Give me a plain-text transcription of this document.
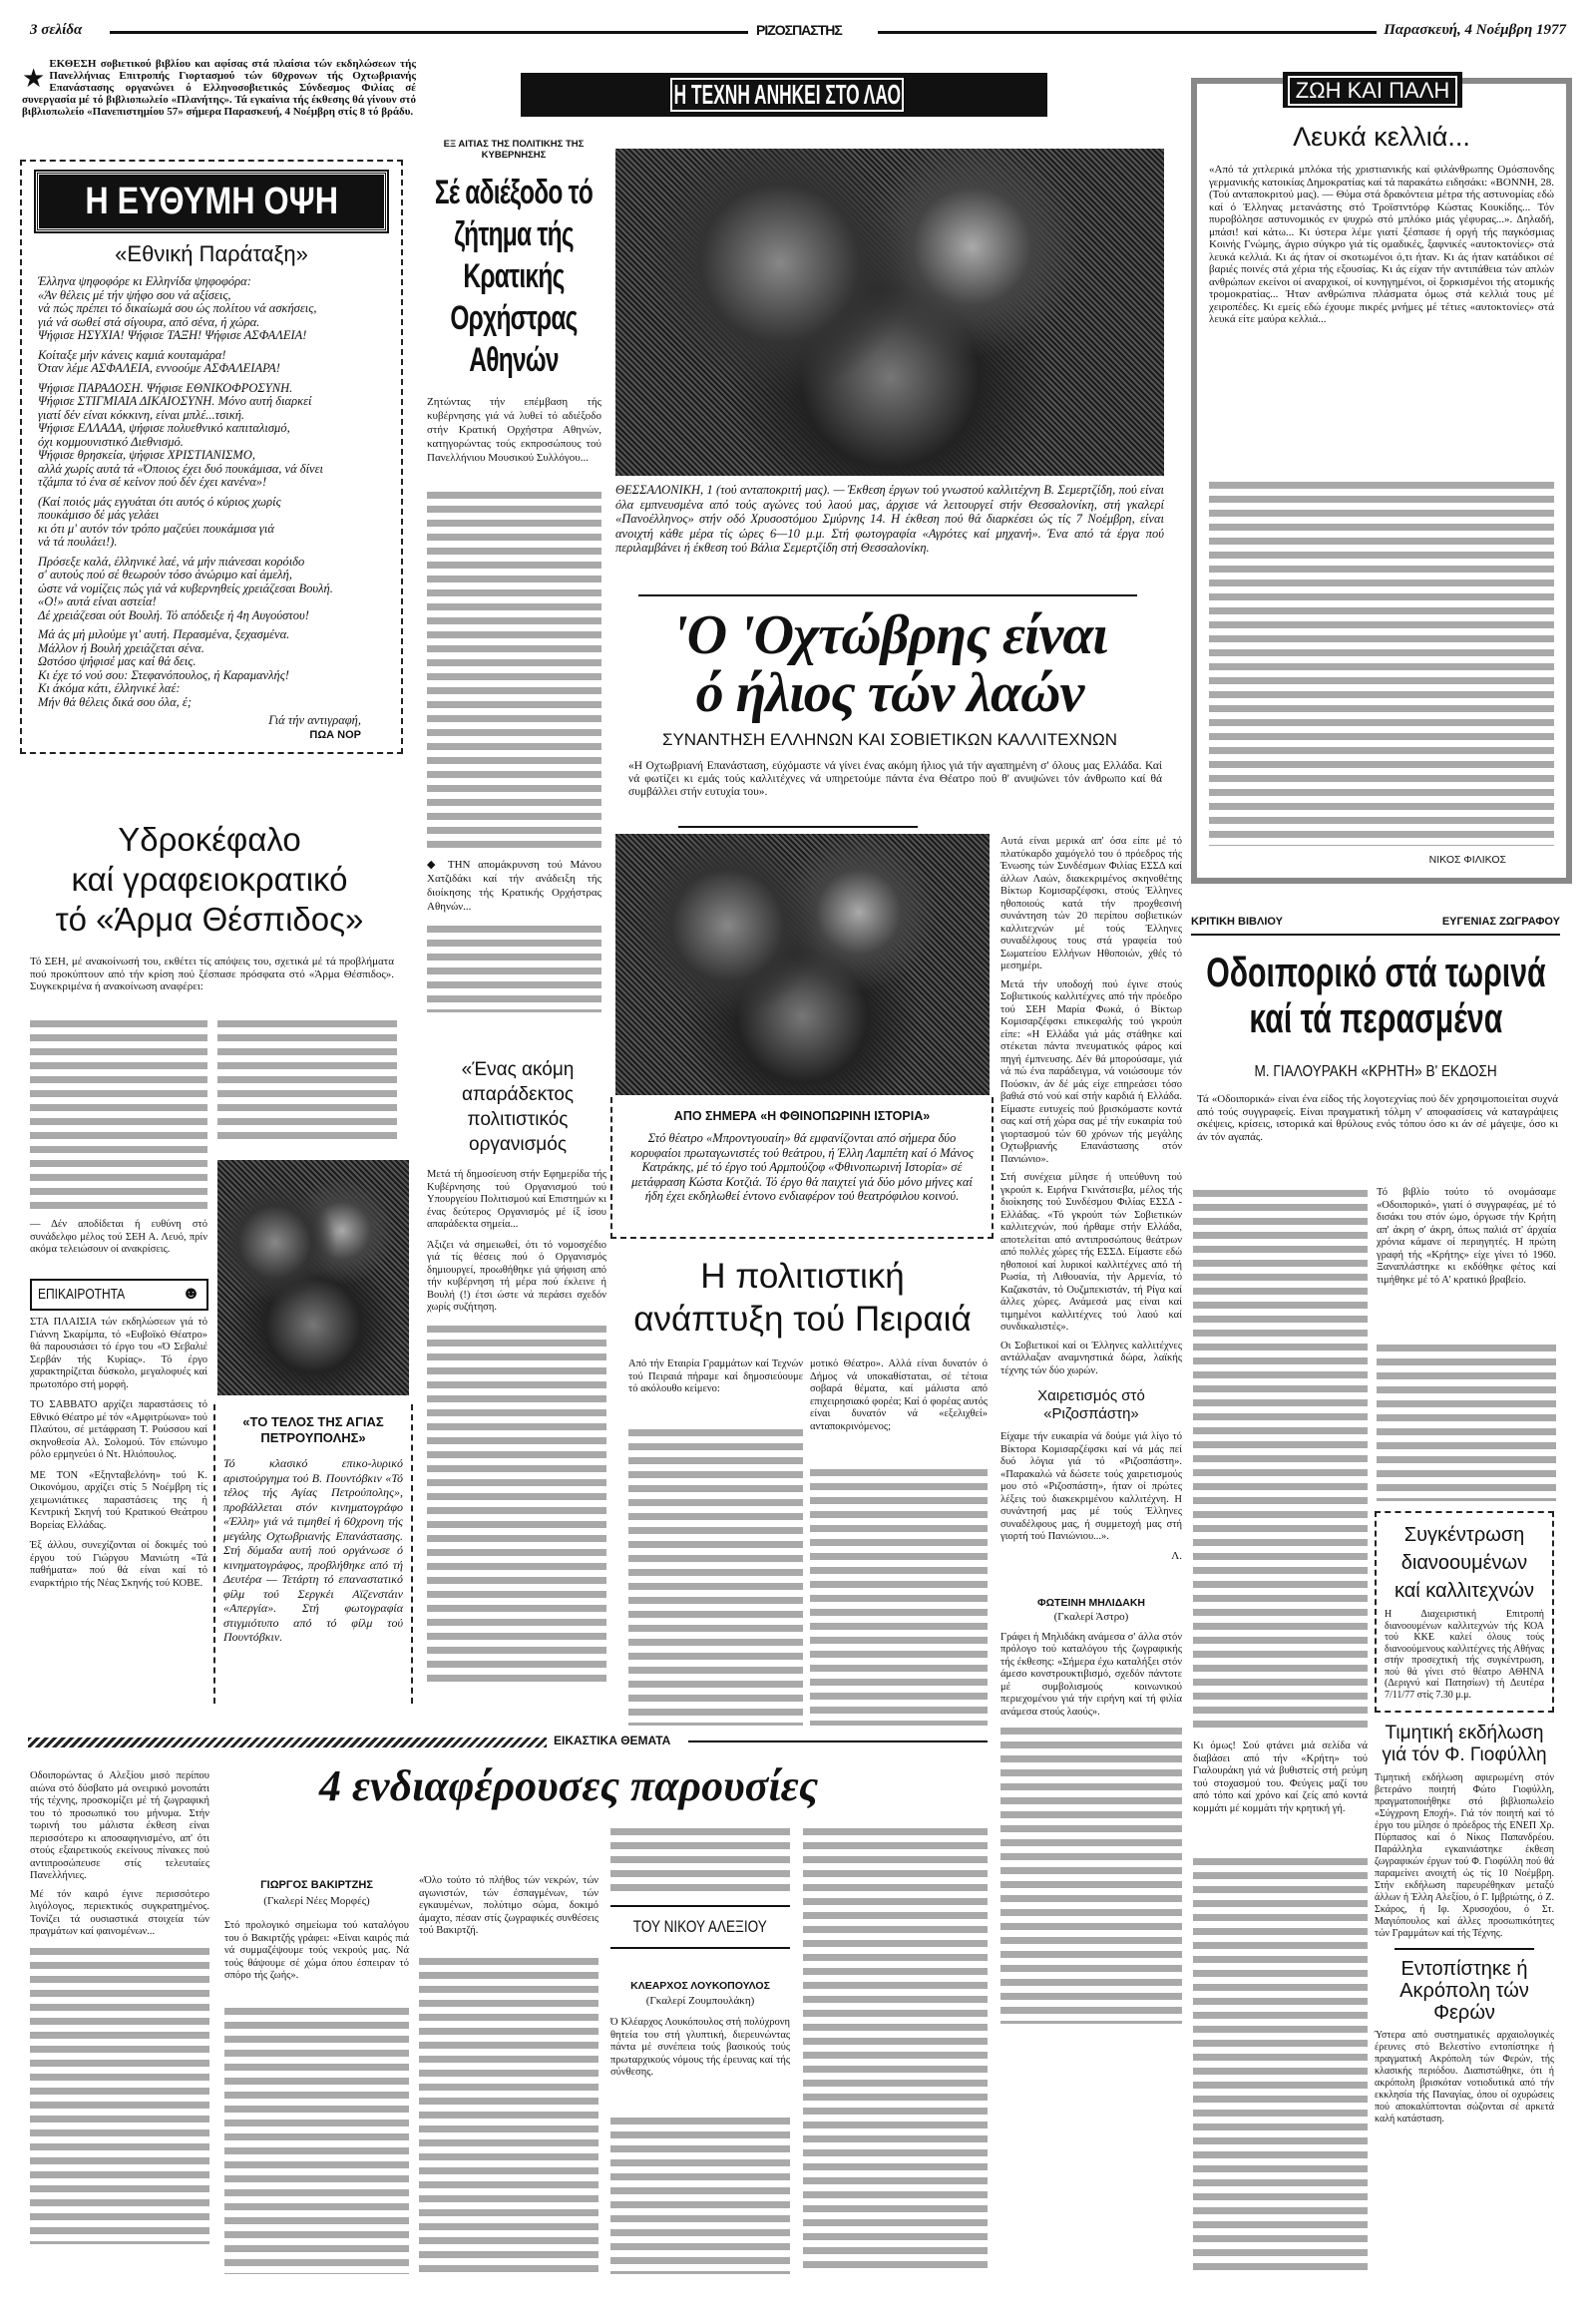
3 σελίδα	ΡΙΖΟΣΠΑΣΤΗΣ	Παρασκευή, 4 Νοέμβρη 1977
★ ΕΚΘΕΣΗ σοβιετικού βιβλίου και αφίσας στά πλαίσια τών εκδηλώσεων τής Πανελλήνιας Επιτροπής Γιορτασμού τών 60χρονων τής Οχτωβριανής Επανάστασης οργανώνει ό Ελληνοσοβιετικός Σύνδεσμος Φιλίας σέ συνεργασία μέ τό βιβλιοπωλείο «Πλανήτης». Τά εγκαίνια τής έκθεσης θά γίνουν στό βιβλιοπωλείο «Πανεπιστημίου 57» σήμερα Παρασκευή, 4 Νοέμβρη στίς 8 τό βράδυ.
Η ΕΥΘΥΜΗ ΟΨΗ
«Εθνική Παράταξη»

Έλληνα ψηφοφόρε κι Ελληνίδα ψηφοφόρα:
«Άν θέλεις μέ τήν ψήφο σου νά αξίσεις,
νά πώς πρέπει τό δικαίωμά σου ώς πολίτου νά ασκήσεις,
γιά νά σωθεί στά σίγουρα, από σένα, ή χώρα.
Ψήφισε ΗΣΥΧΙΑ! Ψήφισε ΤΑΞΗ! Ψήφισε ΑΣΦΑΛΕΙΑ!

Κοίταξε μήν κάνεις καμιά κουταμάρα!
Όταν λέμε ΑΣΦΑΛΕΙΑ, εννοούμε ΑΣΦΑΛΕΙΑΡΑ!

Ψήφισε ΠΑΡΑΔΟΣΗ. Ψήφισε ΕΘΝΙΚΟΦΡΟΣΥΝΗ.
Ψήφισε ΣΤΙΓΜΙΑΙΑ ΔΙΚΑΙΟΣΥΝΗ. Μόνο αυτή διαρκεί
γιατί δέν είναι κόκκινη, είναι μπλέ...τσική.
Ψήφισε ΕΛΛΑΔΑ, ψήφισε πολυεθνικό καπιταλισμό,
όχι κομμουνιστικό Διεθνισμό.
Ψήφισε θρησκεία, ψήφισε ΧΡΙΣΤΙΑΝΙΣΜΟ,
αλλά χωρίς αυτά τά «Όποιος έχει δυό πουκάμισα, νά δίνει
τζάμπα τό ένα σέ κείνον πού δέν έχει κανένα»!

(Καί ποιός μάς εγγυάται ότι αυτός ό κύριος χωρίς
πουκάμισο δέ μάς γελάει
κι ότι μ' αυτόν τόν τρόπο μαζεύει πουκάμισα γιά
νά τά πουλάει!).

Πρόσεξε καλά, έλληνικέ λαέ, νά μήν πιάνεσαι κορόιδο
σ' αυτούς πού σέ θεωρούν τόσο άνώριμο καί άμελή,
ώστε νά νομίζεις πώς γιά νά κυβερνηθείς χρειάζεσαι Βουλή.
«Ο!» αυτά είναι αστεία!
Δέ χρειάζεσαι ούτ Βουλή. Τό απόδειξε ή 4η Αυγούστου!

Μά άς μή μιλούμε γι' αυτή. Περασμένα, ξεχασμένα.
Μάλλον ή Βουλή χρειάζεται σένα.
Ωστόσο ψήφισέ μας καί θά δεις.
Κι έχε τό νού σου: Στεφανόπουλος, ή Καραμανλής!
Κι άκόμα κάτι, έλληνικέ λαέ:
Μήν θά θέλεις δικά σου όλα, έ;

Γιά τήν αντιγραφή,
ΠΩΑ ΝΟΡ
ΕΞ ΑΙΤΙΑΣ ΤΗΣ ΠΟΛΙΤΙΚΗΣ ΤΗΣ ΚΥΒΕΡΝΗΣΗΣ
Σέ αδιέξοδο τό ζήτημα τής Κρατικής Ορχήστρας Αθηνών
Ζητώντας τήν επέμβαση τής κυβέρνησης γιά νά λυθεί τό αδιέξοδο στήν Κρατική Ορχήστρα Αθηνών, κατηγορώντας τούς εκπροσώπους τού Πανελλήνιου Μουσικού Συλλόγου...
◆ ΤΗΝ απομάκρυνση τού Μάνου Χατζιδάκι καί τήν ανάδειξη τής διοίκησης τής Κρατικής Ορχήστρας Αθηνών...
Η ΤΕΧΝΗ ΑΝΗΚΕΙ ΣΤΟ ΛΑΟ
ΘΕΣΣΑΛΟΝΙΚΗ, 1 (τού ανταποκριτή μας). — Έκθεση έργων τού γνωστού καλλιτέχνη Β. Σεμερτζίδη, πού είναι όλα εμπνευσμένα από τούς αγώνες τού λαού μας, άρχισε νά λειτουργεί στήν Θεσσαλονίκη, στή γκαλερί «Πανοέλληνος» στήν οδό Χρυσοστόμου Σμύρνης 14. Η έκθεση πού θά διαρκέσει ώς τίς 7 Νοέμβρη, είναι ανοιχτή κάθε μέρα τίς ώρες 6—10 μ.μ. Στή φωτογραφία «Αγρότες καί μηχανή». Ένα από τά έργα πού περιλαμβάνει ή έκθεση τού Βάλια Σεμερτζίδη στή Θεσσαλονίκη.
'Ο 'Οχτώβρης είναι
ό ήλιος τών λαών
ΣΥΝΑΝΤΗΣΗ ΕΛΛΗΝΩΝ ΚΑΙ ΣΟΒΙΕΤΙΚΩΝ ΚΑΛΛΙΤΕΧΝΩΝ
«Η Οχτωβριανή Επανάσταση, εύχόμαστε νά γίνει ένας ακόμη ήλιος γιά τήν αγαπημένη σ' όλους μας Ελλάδα. Καί νά φωτίζει κι εμάς τούς καλλιτέχνες νά υπηρετούμε πάντα ένα Θέατρο πού θ' ανυψώνει τόν άνθρωπο καί θά συμβάλλει στήν ευτυχία του».

Αυτά είναι μερικά απ' όσα είπε μέ τό πλατύκαρδο χαμόγελό του ό πρόεδρος τής Ένωσης τών Συνδέσμων Φιλίας ΕΣΣΔ καί άλλων Λαών, διακεκριμένος σκηνοθέτης Βίκτωρ Κομισαρζέφσκι, στούς Έλληνες ηθοποιούς κατά τήν προχθεσινή συνάντηση τών 20 περίπου σοβιετικών καλλιτεχνών μέ τούς Έλληνες συναδέλφους τους στά γραφεία τού Σωματείου Ελλήνων Ηθοποιών, χθές τό μεσημέρι.

Μετά τήν υποδοχή πού έγινε στούς Σοβιετικούς καλλιτέχνες από τήν πρόεδρο τού ΣΕΗ Μαρία Φωκά, ό Βίκτωρ Κομισαρζέφσκι επικεφαλής τού γκρούπ είπε: «Η Ελλάδα γιά μάς στάθηκε καί στέκεται πάντα πνευματικός φάρος καί πηγή έμπνευσης. Δέν θά μπορούσαμε, γιά νά πώ ένα παράδειγμα, νά νοιώσουμε τόν Πούσκιν, άν δέ μάς είχε επηρεάσει τόσο βαθιά στό νού καί στήν καρδιά ή Ελλάδα. Είμαστε ευτυχείς πού βρισκόμαστε κοντά σας καί στή χώρα σας μέ τήν ευκαιρία τού γιορτασμού τών 60 χρόνων τής μεγάλης Οχτωβριανής Επανάστασης στόν Πανιώνιο».

Στή συνέχεια μίλησε ή υπεύθυνη τού γκρούπ κ. Ειρήνα Γκινάτσιεβα, μέλος τής διοίκησης τού Συνδέσμου Φιλίας ΕΣΣΔ - Ελλάδας. «Τό γκρούπ τών Σοβιετικών καλλιτεχνών, πού ήρθαμε στήν Ελλάδα, αποτελείται από αντιπροσώπους θεάτρων από πολλές χώρες τής ΕΣΣΔ. Είμαστε εδώ ηθοποιοί καί λυρικοί καλλιτέχνες από τή Ρωσία, τή Λιθουανία, τήν Αρμενία, τό Καζακστάν, τό Ουζμπεκιστάν, τή Ρίγα καί άλλες χώρες. Ανάμεσά μας είναι καί τιμημένοι καλλιτέχνες τού λαού καί συνδικαλιστές».

Οι Σοβιετικοί καί οι Έλληνες καλλιτέχνες αντάλλαξαν αναμνηστικά δώρα, λαϊκής τέχνης τών δύο χωρών.

Χαιρετισμός στό «Ριζοσπάστη»

Είχαμε τήν ευκαιρία νά δούμε γιά λίγο τό Βίκτορα Κομισαρζέφσκι καί νά μάς πεί δυό λόγια γιά τό «Ριζοσπάστη». «Παρακαλώ νά δώσετε τούς χαιρετισμούς μου στό «Ριζοσπάστη», ήταν οί πρώτες λέξεις τού διακεκριμένου καλλιτέχνη. Η συνάντησή μας μέ τούς Έλληνες συναδέλφους μας, ή συμμετοχή μας στή γιορτή τού Πανιώνιου...».

Λ.
ΦΩΤΕΙΝΗ ΜΗΛΙΔΑΚΗ
(Γκαλερί Άστρο)

Γράφει ή Μηλιδάκη ανάμεσα σ' άλλα στόν πρόλογο τού καταλόγου τής ζωγραφικής τής έκθεσης: «Σήμερα έχω καταλήξει στόν άμεσο κονστρουκτιβισμό, σχεδόν πάντοτε μέ συμβολισμούς κοινωνικού περιεχομένου γιά τήν ειρήνη καί τή φιλία ανάμεσα στούς λαούς».

ΑΠΟ ΣΗΜΕΡΑ «Η ΦΘΙΝΟΠΩΡΙΝΗ ΙΣΤΟΡΙΑ»
Στό θέατρο «Μπροντγουαίη» θά εμφανίζονται από σήμερα δύο κορυφαίοι πρωταγωνιστές τού θεάτρου, ή Έλλη Λαμπέτη καί ό Μάνος Κατράκης, μέ τό έργο τού Αρμπούζοφ «Φθινοπωρινή Ιστορία» σέ μετάφραση Κώστα Κοτζιά. Τό έργο θά παιχτεί γιά δύο μόνο μήνες καί ήδη έχει εκδηλωθεί έντονο ενδιαφέρον τού θεατρόφιλου κοινού.
Η πολιτιστική
ανάπτυξη τού Πειραιά
Από τήν Εταιρία Γραμμάτων καί Τεχνών τού Πειραιά πήραμε καί δημοσιεύουμε τό ακόλουθο κείμενο:
μοτικό Θέατρο». Αλλά είναι δυνατόν ό Δήμος νά υποκαθίσταται, σέ τέτοια σοβαρά θέματα, καί μάλιστα από επιχειρησιακό φορέα; Καί ό φορέας αυτός είναι δυνατόν νά «εξελιχθεί» ανταποκρινόμενος;
ΖΩΗ ΚΑΙ ΠΑΛΗ
Λευκά κελλιά...
«Από τά χιτλερικά μπλόκα τής χριστιανικής καί φιλάνθρωπης Ομόσπονδης γερμανικής κατοικίας Δημοκρατίας καί τά παρακάτω ειδησάκι: «ΒΟΝΝΗ, 28. (Τού ανταποκριτού μας). — Θύμα στά δρακόντεια μέτρα τής αστυνομίας εδώ καί ό Έλληνας μετανάστης στό Τροϊστντόρφ Κώστας Κουκίδης... Τόν πυροβόλησε αστυνομικός εν ψυχρώ στό μπλόκο μιάς γέφυρας...». Δηλαδή, μπάσι! καί κάτω... Κι ύστερα λέμε γιατί ξέσπασε ή οργή τής παγκόσμιας Κοινής Γνώμης, άγριο σύγκρο γιά τίς ομαδικές, ξαφνικές «αυτοκτονίες» στά λευκά κελλιά. Κι άς ήταν οί σκοτωμένοι ό,τι ήταν. Κι άς ήταν κατάδικοι σέ βαριές ποινές στά χέρια τής εξουσίας. Κι άς είχαν τήν αντιπάθεια τών απλών ανθρώπων εκείνοι οί αναρχικοί, οί κυνηγημένοι, οί ξορκισμένοι τής ατομικής τρομοκρατίας... Ήταν ανθρώπινα πλάσματα όμως στά κελλιά τους μέ χειροπέδες. Κι εμείς εδώ έχουμε πικρές μνήμες μέ τέτιες «αυτοκτονίες» στά λευκά είτε μαύρα κελλιά...
ΝΙΚΟΣ ΦΙΛΙΚΟΣ
ΚΡΙΤΙΚΗ ΒΙΒΛΙΟΥ	ΕΥΓΕΝΙΑΣ ΖΩΓΡΑΦΟΥ
Οδοιπορικό στά τωρινά
καί τά περασμένα
Μ. ΓΙΑΛΟΥΡΑΚΗ «ΚΡΗΤΗ» Β' ΕΚΔΟΣΗ
Τά «Οδοιπορικά» είναι ένα είδος τής λογοτεχνίας πού δέν χρησιμοποιείται συχνά από τούς συγγραφείς. Είναι πραγματική τόλμη ν' αποφασίσεις νά καταγράψεις σκέψεις, κρίσεις, ιστορικά καί θρύλους ενός τόπου όσο κι άν σέ μάγεψε, όσο κι άν τόν αγαπάς.
Κι όμως! Σού φτάνει μιά σελίδα νά διαβάσει από τήν «Κρήτη» τού Γιαλουράκη γιά νά βυθιστείς στή ρεύμη τού στοχασμού του. Φεύγεις μαζί του από τόπο καί χρόνο καί ζείς από κοντά κομμάτι μέ κομμάτι τήν κρητική γή.
Τό βιβλίο τούτο τό ονομάσαμε «Οδοιπορικό», γιατί ό συγγραφέας, μέ τό δισάκι του στόν ώμο, όργωσε τήν Κρήτη απ' άκρη σ' άκρη, όπως παλιά στ' άρχαία χρόνια κάμανε οί περιηγητές. Η πρώτη γραφή τής «Κρήτης» είχε γίνει τό 1960. Ξαναπλάστηκε κι εκδόθηκε φέτος καί τιμήθηκε μέ τό Α' κρατικό βραβείο.
Συγκέντρωση
διανοουμένων
καί καλλιτεχνών
Η Διαχειριστική Επιτροπή διανοουμένων καλλιτεχνών τής ΚΟΑ τού ΚΚΕ καλεί όλους τούς διανοούμενους καλλιτέχνες τής Αθήνας στήν προσεχτική τής συγκέντρωση, πού θά γίνει στό θέατρο ΑΘΗΝΑ (Δεριγνύ καί Πατησίων) τή Δευτέρα 7/11/77 στίς 7.30 μ.μ.
Τιμητική εκδήλωση γιά τόν Φ. Γιοφύλλη
Τιμητική εκδήλωση αφιερωμένη στόν βετεράνο ποιητή Φώτο Γιοφύλλη, πραγματοποιήθηκε στό βιβλιοπωλείο «Σύγχρονη Εποχή». Γιά τόν ποιητή καί τό έργο του μίλησε ό πρόεδρος τής ΕΝΕΠ Χρ. Πύρπασος καί ό Νίκος Παπανδρέου. Παράλληλα εγκαινιάστηκε έκθεση ζωγραφικών έργων τού Φ. Γιοφύλλη πού θά παραμείνει ανοιχτή ώς τίς 10 Νοέμβρη. Στήν εκδήλωση παρευρέθηκαν μεταξύ άλλων ή Έλλη Αλεξίου, ό Γ. Ιμβριώτης, ό Ζ. Σκάρος, ή Ιφ. Χρυσοχόου, ό Στ. Μαγιόπουλος καί άλλες προσωπικότητες τών Γραμμάτων καί τής Τέχνης.
Εντοπίστηκε ή Ακρόπολη τών Φερών
Ύστερα από συστηματικές αρχαιολογικές έρευνες στό Βελεστίνο εντοπίστηκε ή πραγματική Ακρόπολη τών Φερών, τής κλασικής περιόδου. Διαπιστώθηκε, ότι ή ακρόπολη βρισκόταν νοτιοδυτικά από τήν εκκλησία τής Παναγίας, όπου οί οχυρώσεις πού αποκαλύπτονται σώζονται σέ αρκετά καλή κατάσταση.
Υδροκέφαλο
καί γραφειοκρατικό
τό «Άρμα Θέσπιδος»
Τό ΣΕΗ, μέ ανακοίνωσή του, εκθέτει τίς απόψεις του, σχετικά μέ τά προβλήματα πού προκύπτουν από τήν κρίση πού ξέσπασε πρόσφατα στό «Άρμα Θέσπιδος». Συγκεκριμένα ή ανακοίνωση αναφέρει:
— Δέν αποδίδεται ή ευθύνη στό συνάδελφο μέλος τού ΣΕΗ Α. Λευό, πρίν ακόμα τελειώσουν οί ανακρίσεις.
ΕΠΙΚΑΙΡΟΤΗΤΑ	☻

ΣΤΑ ΠΛΑΙΣΙΑ τών εκδηλώσεων γιά τό Γιάννη Σκαρίμπα, τό «Ευβοϊκό Θέατρο» θά παρουσιάσει τό έργο του «Ό Σεβαλιέ Σερβάν τής Κυρίας». Τό έργο χαρακτηρίζεται δύσκολο, μεγαλοφυές καί πρωτοπόρο στή μορφή.

ΤΟ ΣΑΒΒΑΤΟ αρχίζει παραστάσεις τό Εθνικό Θέατρο μέ τόν «Αμφιτρύωνα» τού Πλαύτου, σέ μετάφραση Τ. Ρούσσου καί σκηνοθεσία Αλ. Σολομού. Τόν επώνυμο ρόλο ερμηνεύει ό Ντ. Ηλιόπουλος.

ΜΕ ΤΟΝ «Εξηνταβελόνη» τού Κ. Οικονόμου, αρχίζει στίς 5 Νοέμβρη τίς χειμωνιάτικες παραστάσεις της ή Κεντρική Σκηνή τού Κρατικού Θεάτρου Βορείας Ελλάδας.

Έξ άλλου, συνεχίζονται οί δοκιμές τού έργου τού Γιώργου Μανιώτη «Τά παθήματα» πού θά είναι καί τό εναρκτήριο τής Νέας Σκηνής τού ΚΟΒΕ.

«ΤΟ ΤΕΛΟΣ ΤΗΣ ΑΓΙΑΣ ΠΕΤΡΟΥΠΟΛΗΣ»
Τό κλασικό επικο-λυρικό αριστούργημα τού Β. Πουντόβκιν «Τό τέλος τής Αγίας Πετρούπολης», προβάλλεται στόν κινηματογράφο «Έλλη» γιά νά τιμηθεί ή 60χρονη τής μεγάλης Οχτωβριανής Επανάστασης. Στή δύμαδα αυτή πού οργάνωσε ό κινηματογράφος, προβλήθηκε από τή Δευτέρα — Τετάρτη τό επαναστατικό φίλμ τού Σεργκέι Αϊζενστάιν «Απεργία». Στή φωτογραφία στιγμιότυπο από τό φίλμ τού Πουντόβκιν.
«Ένας ακόμη απαράδεκτος πολιτιστικός οργανισμός

Μετά τή δημοσίευση στήν Εφημερίδα τής Κυβέρνησης τού Οργανισμού τού Υπουργείου Πολιτισμού καί Επιστημών κι ένας δεύτερος Οργανισμός μέ ίξ ίσου απαράδεκτα σημεία...

Άξιζει νά σημειωθεί, ότι τό νομοσχέδιο γιά τίς θέσεις πού ό Οργανισμός δημιουργεί, προωθήθηκε γιά ψήφιση από τήν κυβέρνηση τή μέρα πού έκλεινε ή Βουλή (!) έτσι ώστε νά περάσει σχεδόν χωρίς συζήτηση.

ΕΙΚΑΣΤΙΚΑ ΘΕΜΑΤΑ
4 ενδιαφέρουσες παρουσίες

Οδοιπορώντας ό Αλεξίου μισό περίπου αιώνα στό δύσβατο μά ονειρικό μονοπάτι τής τέχνης, προσκομίζει μέ τή ζωγραφική του τό προσωπικό του μήνυμα. Στήν τωρινή του μάλιστα έκθεση είναι περισσότερο κι αποσαφηνισμένο, απ' ότι στούς εξαιρετικούς εκείνους πίνακες πού αντιπροσώπευσε στίς τελευταίες Πανελλήνιες.

Μέ τόν καιρό έγινε περισσότερο λιγόλογος, περιεκτικός συγκρατημένος. Τονίζει τά ουσιαστικά στοιχεία τών πραγμάτων καί φαινομένων...

ΓΙΩΡΓΟΣ ΒΑΚΙΡΤΖΗΣ
(Γκαλερί Νέες Μορφές)
Στό προλογικό σημείωμα τού καταλόγου του ό Βακιρτζής γράφει: «Είναι καιρός πιά νά συμμαζέψουμε τούς νεκρούς μας. Νά τούς θάψουμε σέ χώμα όπου έσπειραν τό σπόρο τής ζωής».
«Όλο τούτο τό πλήθος τών νεκρών, τών αγωνιστών, τών έσπαγμένων, τών εγκαυμένων, πολύτιμο σώμα, δοκιμό άμαχτο, πέσαν στίς ζωγραφικές συνθέσεις τού Βακιρτζή.	ΤΟΥ ΝΙΚΟΥ ΑΛΕΞΙΟΥ
ΚΛΕΑΡΧΟΣ ΛΟΥΚΟΠΟΥΛΟΣ
(Γκαλερί Ζουμπουλάκη)
Ό Κλέαρχος Λουκόπουλος στή πολύχρονη θητεία του στή γλυπτική, διερευνώντας πάντα μέ συνέπεια τούς βασικούς τούς πρωταρχικούς νόμους τής έρευνας καί τής σύνθεσης.
